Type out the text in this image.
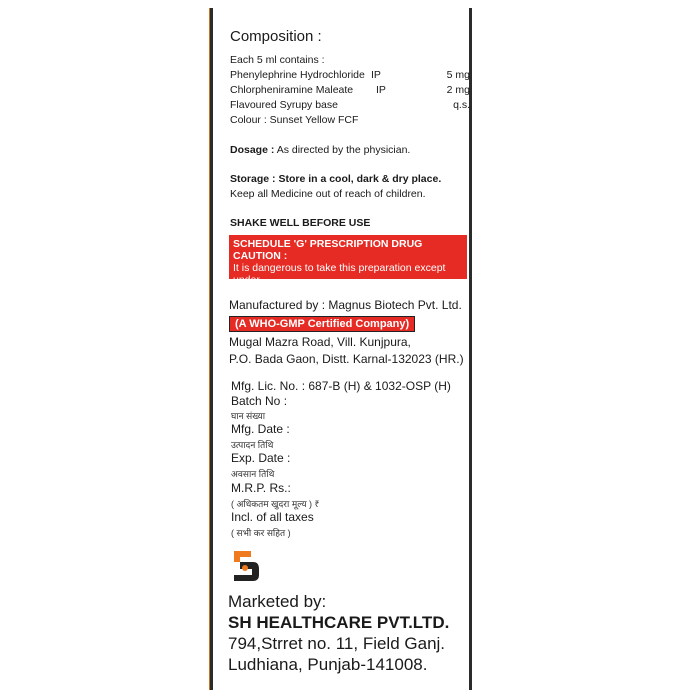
Composition :
Each 5 ml contains :
Phenylephrine Hydrochloride IP	5 mg
Chlorpheniramine Maleate IP	2 mg
Flavoured Syrupy base	q.s.
Colour : Sunset Yellow FCF
Dosage : As directed by the physician.
Storage : Store in a cool, dark & dry place.
Keep all Medicine out of reach of children.
SHAKE WELL BEFORE USE
SCHEDULE 'G' PRESCRIPTION DRUG CAUTION :
It is dangerous to take this preparation except under
Medical Supervision
Manufactured by : Magnus Biotech Pvt. Ltd.
(A WHO-GMP Certified Company)
Mugal Mazra Road, Vill. Kunjpura,
P.O. Bada Gaon, Distt. Karnal-132023 (HR.)
Mfg. Lic. No. : 687-B (H) & 1032-OSP (H)
Batch No :
घान संख्या
Mfg. Date :
उत्पादन तिथि
Exp. Date :
अवसान तिथि
M.R.P. Rs.:
( अधिकतम खुदरा मूल्य ) ₹
Incl. of all taxes
( सभी कर सहित )
Marketed by:
SH HEALTHCARE PVT.LTD.
794,Strret no. 11, Field Ganj.
Ludhiana, Punjab-141008.
